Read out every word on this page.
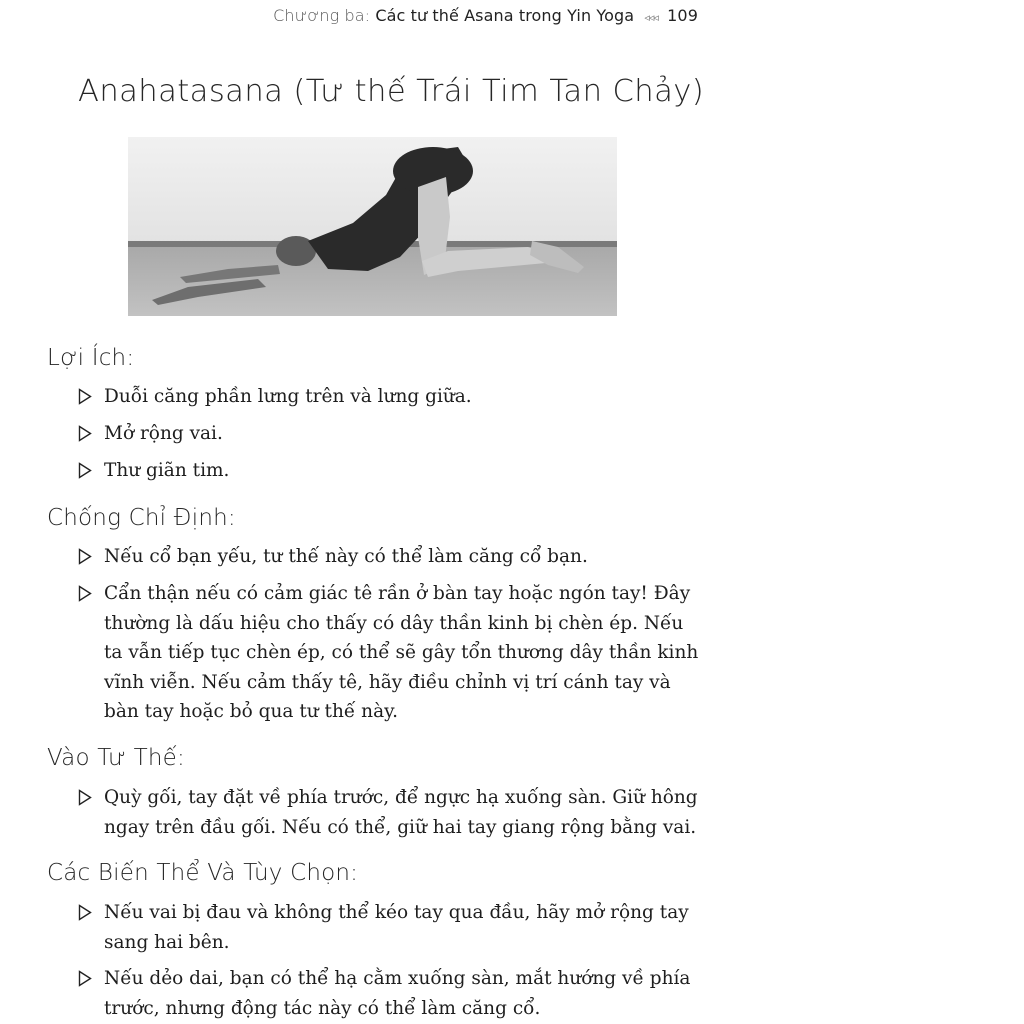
Chương ba: Các tư thế Asana trong Yin Yoga ◃◃◃ 109
Anahatasana (Tư thế Trái Tim Tan Chảy)
Lợi Ích:
Duỗi căng phần lưng trên và lưng giữa.
Mở rộng vai.
Thư giãn tim.
Chống Chỉ Định:
Nếu cổ bạn yếu, tư thế này có thể làm căng cổ bạn.
Cẩn thận nếu có cảm giác tê rần ở bàn tay hoặc ngón tay! Đây thường là dấu hiệu cho thấy có dây thần kinh bị chèn ép. Nếu ta vẫn tiếp tục chèn ép, có thể sẽ gây tổn thương dây thần kinh vĩnh viễn. Nếu cảm thấy tê, hãy điều chỉnh vị trí cánh tay và bàn tay hoặc bỏ qua tư thế này.
Vào Tư Thế:
Quỳ gối, tay đặt về phía trước, để ngực hạ xuống sàn. Giữ hông ngay trên đầu gối. Nếu có thể, giữ hai tay giang rộng bằng vai.
Các Biến Thể Và Tùy Chọn:
Nếu vai bị đau và không thể kéo tay qua đầu, hãy mở rộng tay sang hai bên.
Nếu dẻo dai, bạn có thể hạ cằm xuống sàn, mắt hướng về phía trước, nhưng động tác này có thể làm căng cổ.
